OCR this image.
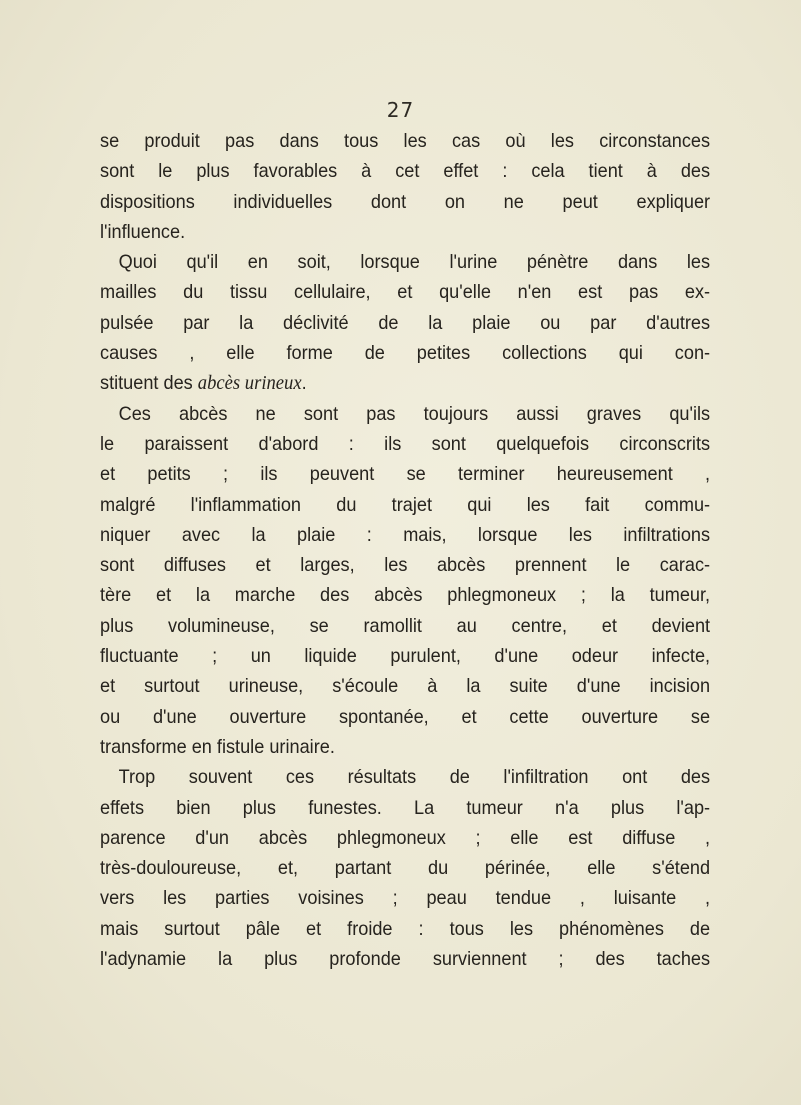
27
se produit pas dans tous les cas où les circonstances
sont le plus favorables à cet effet : cela tient à des
dispositions individuelles dont on ne peut expliquer
l'influence.
Quoi qu'il en soit, lorsque l'urine pénètre dans les
mailles du tissu cellulaire, et qu'elle n'en est pas ex-
pulsée par la déclivité de la plaie ou par d'autres
causes , elle forme de petites collections qui con-
stituent des abcès urineux.
Ces abcès ne sont pas toujours aussi graves qu'ils
le paraissent d'abord : ils sont quelquefois circonscrits
et petits ; ils peuvent se terminer heureusement ,
malgré l'inflammation du trajet qui les fait commu-
niquer avec la plaie : mais, lorsque les infiltrations
sont diffuses et larges, les abcès prennent le carac-
tère et la marche des abcès phlegmoneux ; la tumeur,
plus volumineuse, se ramollit au centre, et devient
fluctuante ; un liquide purulent, d'une odeur infecte,
et surtout urineuse, s'écoule à la suite d'une incision
ou d'une ouverture spontanée, et cette ouverture se
transforme en fistule urinaire.
Trop souvent ces résultats de l'infiltration ont des
effets bien plus funestes. La tumeur n'a plus l'ap-
parence d'un abcès phlegmoneux ; elle est diffuse ,
très-douloureuse, et, partant du périnée, elle s'étend
vers les parties voisines ; peau tendue , luisante ,
mais surtout pâle et froide : tous les phénomènes de
l'adynamie la plus profonde surviennent ; des taches
